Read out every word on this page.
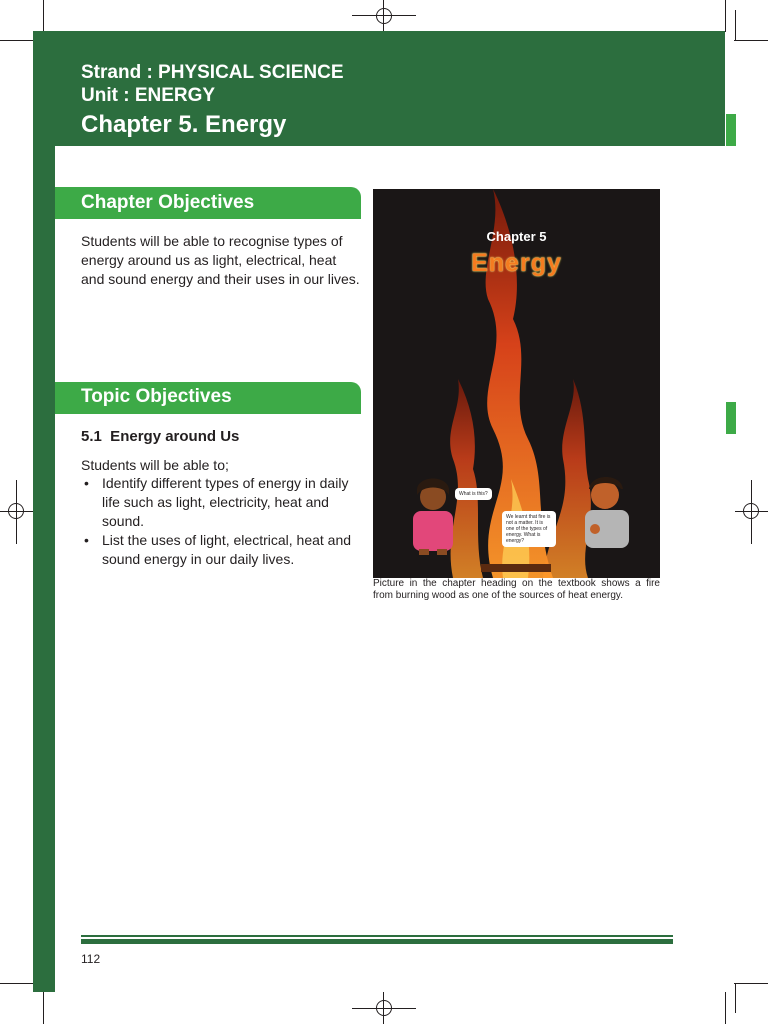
Strand : PHYSICAL SCIENCE
Unit : ENERGY
Chapter 5. Energy
Chapter Objectives
Students will be able to recognise types of energy around us as light, electrical, heat and sound energy and their uses in our lives.
Topic Objectives
5.1  Energy around Us
Students will be able to;
• Identify different types of energy in daily life such as light, electricity, heat and sound.
• List the uses of light, electrical, heat and sound energy in our daily lives.
Chapter 5
Energy
What is this?
We learnt that fire is not a matter. It is one of the types of energy. What is energy?
Picture in the chapter heading on the textbook shows a fire
from burning wood as one of the sources of heat energy.
112
